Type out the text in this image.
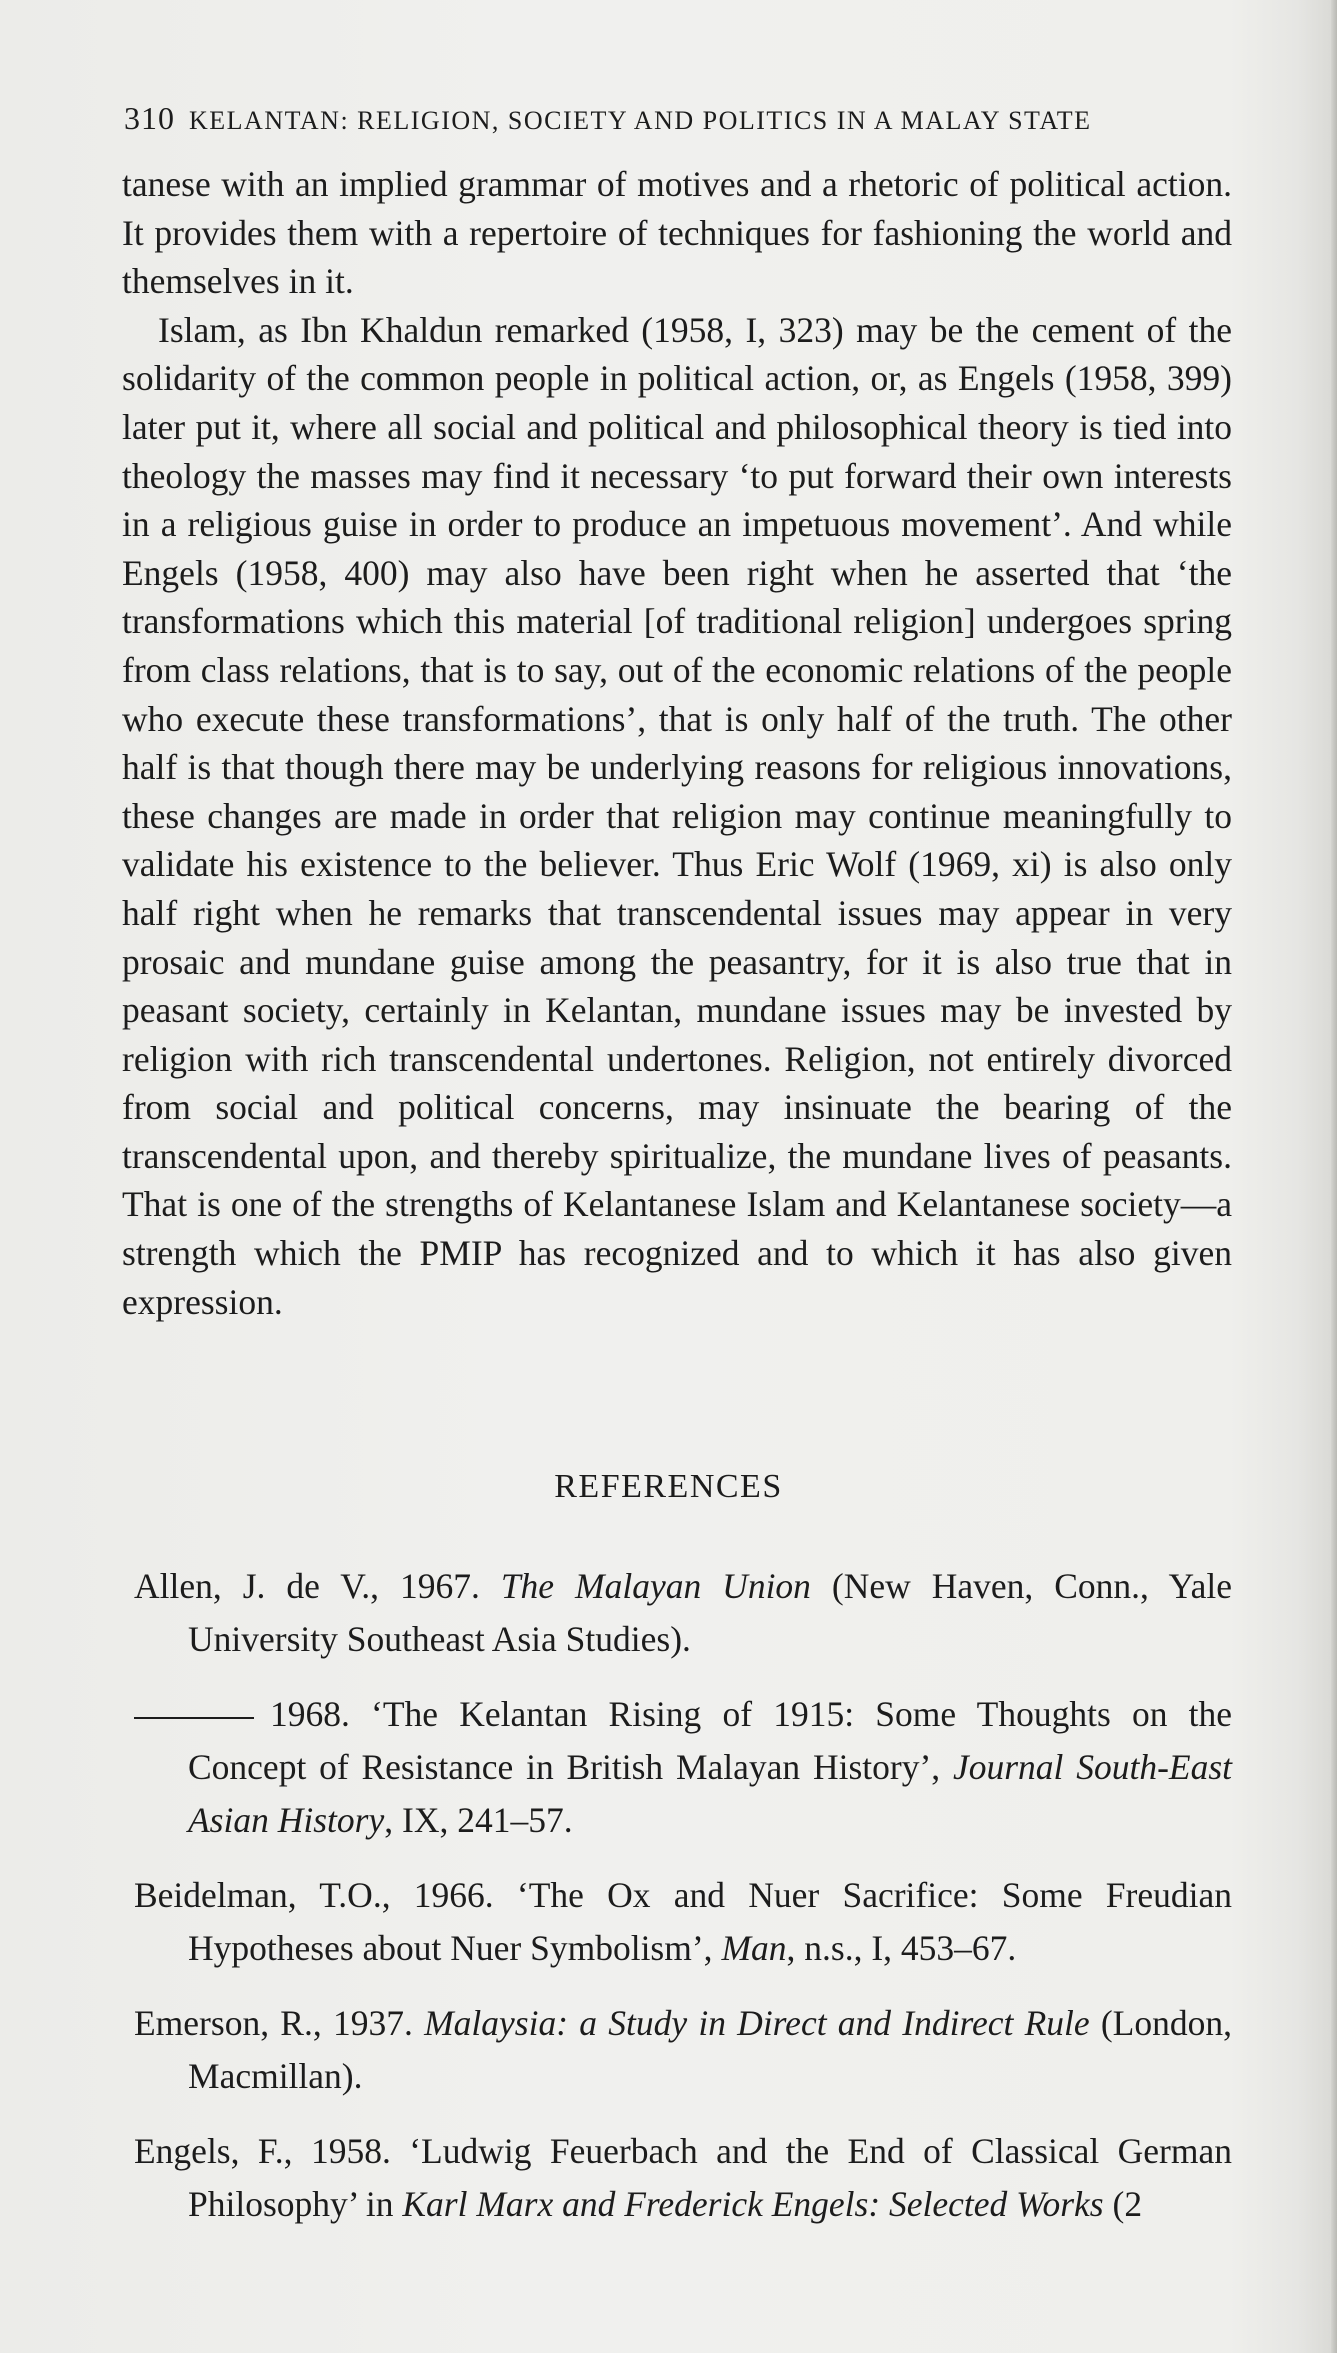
310 KELANTAN: RELIGION, SOCIETY AND POLITICS IN A MALAY STATE

tanese with an implied grammar of motives and a rhetoric of political action. It provides them with a repertoire of techniques for fashioning the world and themselves in it.

Islam, as Ibn Khaldun remarked (1958, I, 323) may be the cement of the solidarity of the common people in political action, or, as Engels (1958, 399) later put it, where all social and political and philosophical theory is tied into theology the masses may find it necessary ‘to put forward their own interests in a religious guise in order to produce an impetuous movement’. And while Engels (1958, 400) may also have been right when he asserted that ‘the transformations which this material [of traditional religion] undergoes spring from class relations, that is to say, out of the economic relations of the people who execute these transformations’, that is only half of the truth. The other half is that though there may be underlying reasons for religious innovations, these changes are made in order that religion may continue meaningfully to validate his existence to the believer. Thus Eric Wolf (1969, xi) is also only half right when he remarks that transcendental issues may appear in very prosaic and mundane guise among the peasantry, for it is also true that in peasant society, certainly in Kelantan, mundane issues may be invested by religion with rich transcendental undertones. Religion, not entirely divorced from social and political concerns, may insinuate the bearing of the transcendental upon, and thereby spiritualize, the mundane lives of peasants. That is one of the strengths of Kelantanese Islam and Kelantanese society—a strength which the PMIP has recognized and to which it has also given expression.

REFERENCES
Allen, J. de V., 1967. The Malayan Union (New Haven, Conn., Yale University Southeast Asia Studies).
1968. ‘The Kelantan Rising of 1915: Some Thoughts on the Concept of Resistance in British Malayan History’, Journal South-East Asian History, IX, 241–57.
Beidelman, T.O., 1966. ‘The Ox and Nuer Sacrifice: Some Freudian Hypotheses about Nuer Symbolism’, Man, n.s., I, 453–67.
Emerson, R., 1937. Malaysia: a Study in Direct and Indirect Rule (London, Macmillan).
Engels, F., 1958. ‘Ludwig Feuerbach and the End of Classical German Philosophy’ in Karl Marx and Frederick Engels: Selected Works (2
